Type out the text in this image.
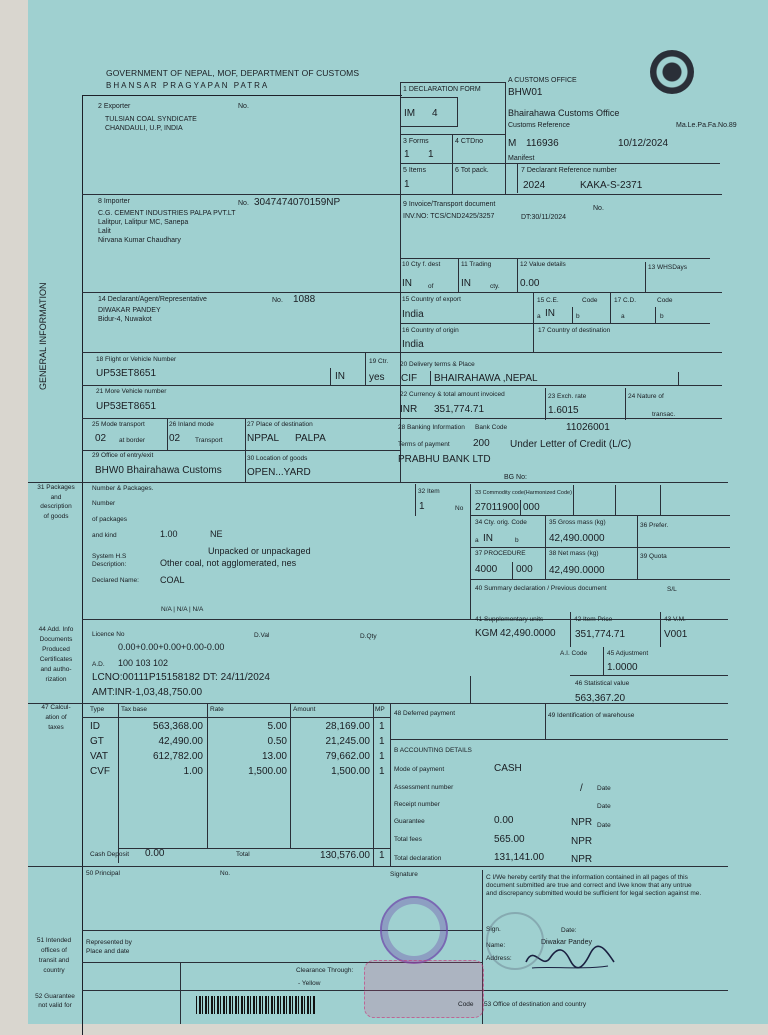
GOVERNMENT OF NEPAL, MOF, DEPARTMENT OF CUSTOMS
BHANSAR PRAGYAPAN PATRA
Ma.Le.Pa.Fa.No.89
GENERAL INFORMATION
A CUSTOMS OFFICE
BHW01
Bhairahawa Customs Office
Customs Reference
M 116936	10/12/2024
Manifest
1 DECLARATION FORM
IM 4
3 Forms
1 1
4 CTDno
5 Items
1
6 Tot pack.	7 Declarant Reference number
2024	KAKA-S-2371
2 Exporter	No.
TULSIAN COAL SYNDICATE
CHANDAULI, U.P, INDIA
8 Importer	No. 3047474070159NP
C.G. CEMENT INDUSTRIES PALPA PVT.LT
Lalitpur, Lalitpur MC, Sanepa
Lalit
Nirvana Kumar Chaudhary
9 Invoice/Transport document
No.
INV.NO: TCS/CND2425/3257	DT:30/11/2024
10 Cty f. dest	11 Trading	12 Value details	13 WHSDays
IN of	IN	cty. 0.00
14 Declarant/Agent/Representative	No. 1088
DIWAKAR PANDEY
Bidur-4, Nuwakot
15 Country of export
India
15 C.E.	Code	17 C.D.	Code
a IN	b	a	b
16 Country of origin
India
17 Country of destination
18 Flight or Vehicle Number
UP53ET8651	IN
19 Ctr.
yes
20 Delivery terms & Place
CIF BHAIRAHAWA ,NEPAL
21 More Vehicle number
UP53ET8651
22 Currency & total amount invoiced
INR 351,774.71
23 Exch. rate
1.6015
24 Nature of
transac.
25 Mode transport
02 at border
26 Inland mode
02 Transport
27 Place of destination
NPPAL PALPA
28 Banking Information Bank Code	11026001
Terms of payment 200 Under Letter of Credit (L/C)
PRABHU BANK LTD
BG No:
29 Office of entry/exit
BHW0 Bhairahawa Customs
30 Location of goods
OPEN...YARD
31 Packages
and
description
of goods
Number & Packages.
Number
of packages
and kind	1.00	NE
Unpacked or unpackaged
System H.S
Description:	Other coal, not agglomerated, nes
Declared Name: COAL
N/A | N/A | N/A
32 Item
1	No
33 Commodity code(Harmonized Code)
27011900 000
34 Cty. orig. Code
a IN	b
35 Gross mass (kg)
42,490.0000
36 Prefer.
37 PROCEDURE
4000 000
38 Net mass (kg)
42,490.0000
39 Quota
40 Summary declaration / Previous document	S/L
41 Supplementary units
KGM 42,490.0000
42 Item Price
351,774.71
43 V.M.
V001
A.I. Code	45 Adjustment
1.0000
46 Statistical value
563,367.20
44 Add. Info
Documents
Produced
Certificates
and autho-
rization
Licence No	D.Val	D.Qty
0.00+0.00+0.00+0.00-0.00
A.D. 100 103 102
LCNO:00111P15158182 DT: 24/11/2024
AMT:INR-1,03,48,750.00
47 Calcul-
ation of
taxes
Type	Tax base	Rate	Amount	MP
ID	563,368.00	5.00	28,169.00 1
GT	42,490.00	0.50	21,245.00 1
VAT	612,782.00	13.00	79,662.00 1
CVF	1.00	1,500.00	1,500.00 1
Cash Deposit 0.00	Total	130,576.00 1
48 Deferred payment	49 Identification of warehouse
B ACCOUNTING DETAILS
Mode of payment	CASH
Assessment number	/ Date
Receipt number	Date
Guarantee	0.00	NPR Date
Total fees	565.00	NPR
Total declaration	131,141.00	NPR
50 Principal	No.	Signature	C I/We hereby certify that the information contained in all pages of this document submitted are true and correct and I/we know that any untrue and discrepancy submitted would be sufficient for legal section against me.
Sign.	Date:
Name:	Diwakar Pandey
Address:
51 Intended
offices of
transit and
country
Represented by
Place and date
Clearance Through:
- Yellow
52 Guarantee
not valid for	Code 53 Office of destination and country
